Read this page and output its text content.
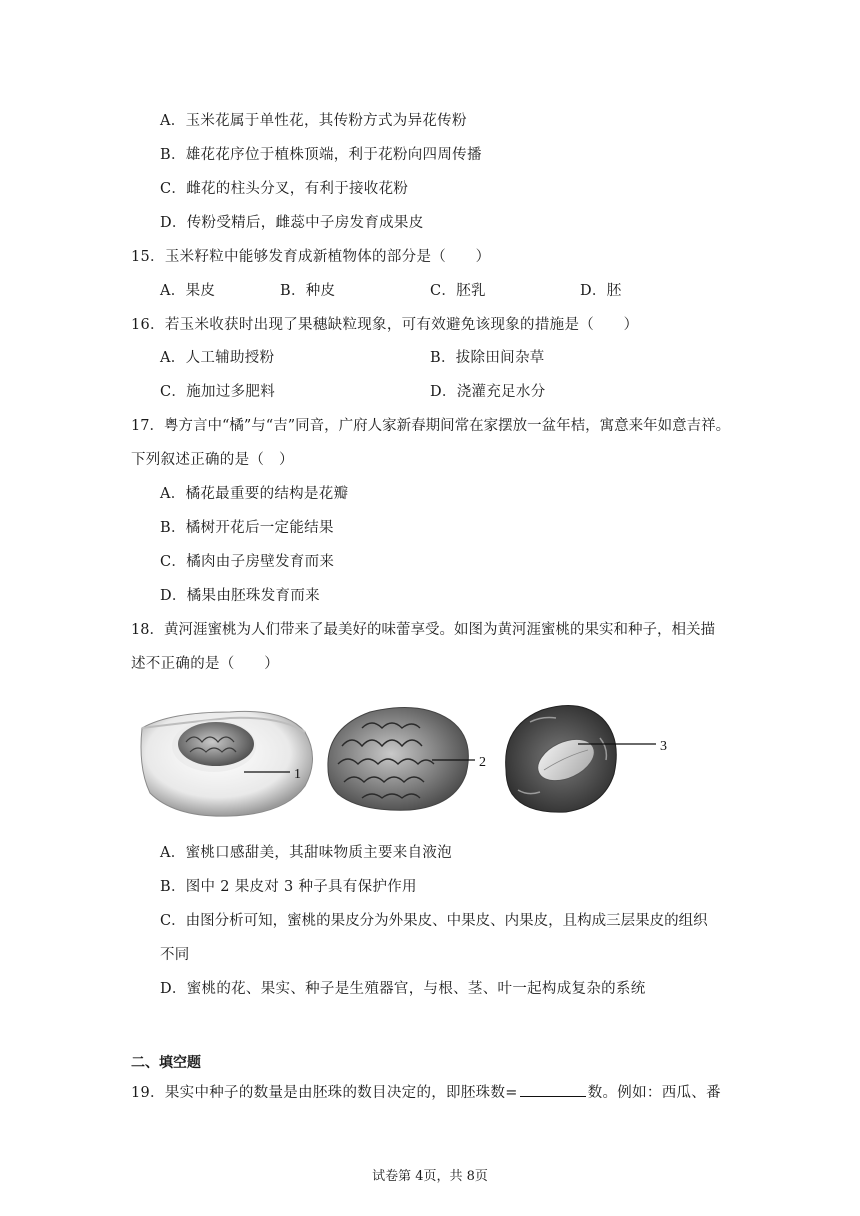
A．玉米花属于单性花，其传粉方式为异花传粉
B．雄花花序位于植株顶端，利于花粉向四周传播
C．雌花的柱头分叉，有利于接收花粉
D．传粉受精后，雌蕊中子房发育成果皮
15．玉米籽粒中能够发育成新植物体的部分是（　　）
A．果皮	B．种皮	C．胚乳	D．胚
16．若玉米收获时出现了果穗缺粒现象，可有效避免该现象的措施是（　　）
A．人工辅助授粉	B．拔除田间杂草
C．施加过多肥料	D．浇灌充足水分
17．粤方言中“橘”与“吉”同音，广府人家新春期间常在家摆放一盆年桔，寓意来年如意吉祥。
下列叙述正确的是（　）
A．橘花最重要的结构是花瓣
B．橘树开花后一定能结果
C．橘肉由子房壁发育而来
D．橘果由胚珠发育而来
18．黄河涯蜜桃为人们带来了最美好的味蕾享受。如图为黄河涯蜜桃的果实和种子，相关描
述不正确的是（　　）
1
2
3
A．蜜桃口感甜美，其甜味物质主要来自液泡
B．图中 2 果皮对 3 种子具有保护作用
C．由图分析可知，蜜桃的果皮分为外果皮、中果皮、内果皮，且构成三层果皮的组织
不同
D．蜜桃的花、果实、种子是生殖器官，与根、茎、叶一起构成复杂的系统
二、填空题
19．果实中种子的数量是由胚珠的数目决定的，即胚珠数=	数。例如：西瓜、番
试卷第 4页，共 8页
